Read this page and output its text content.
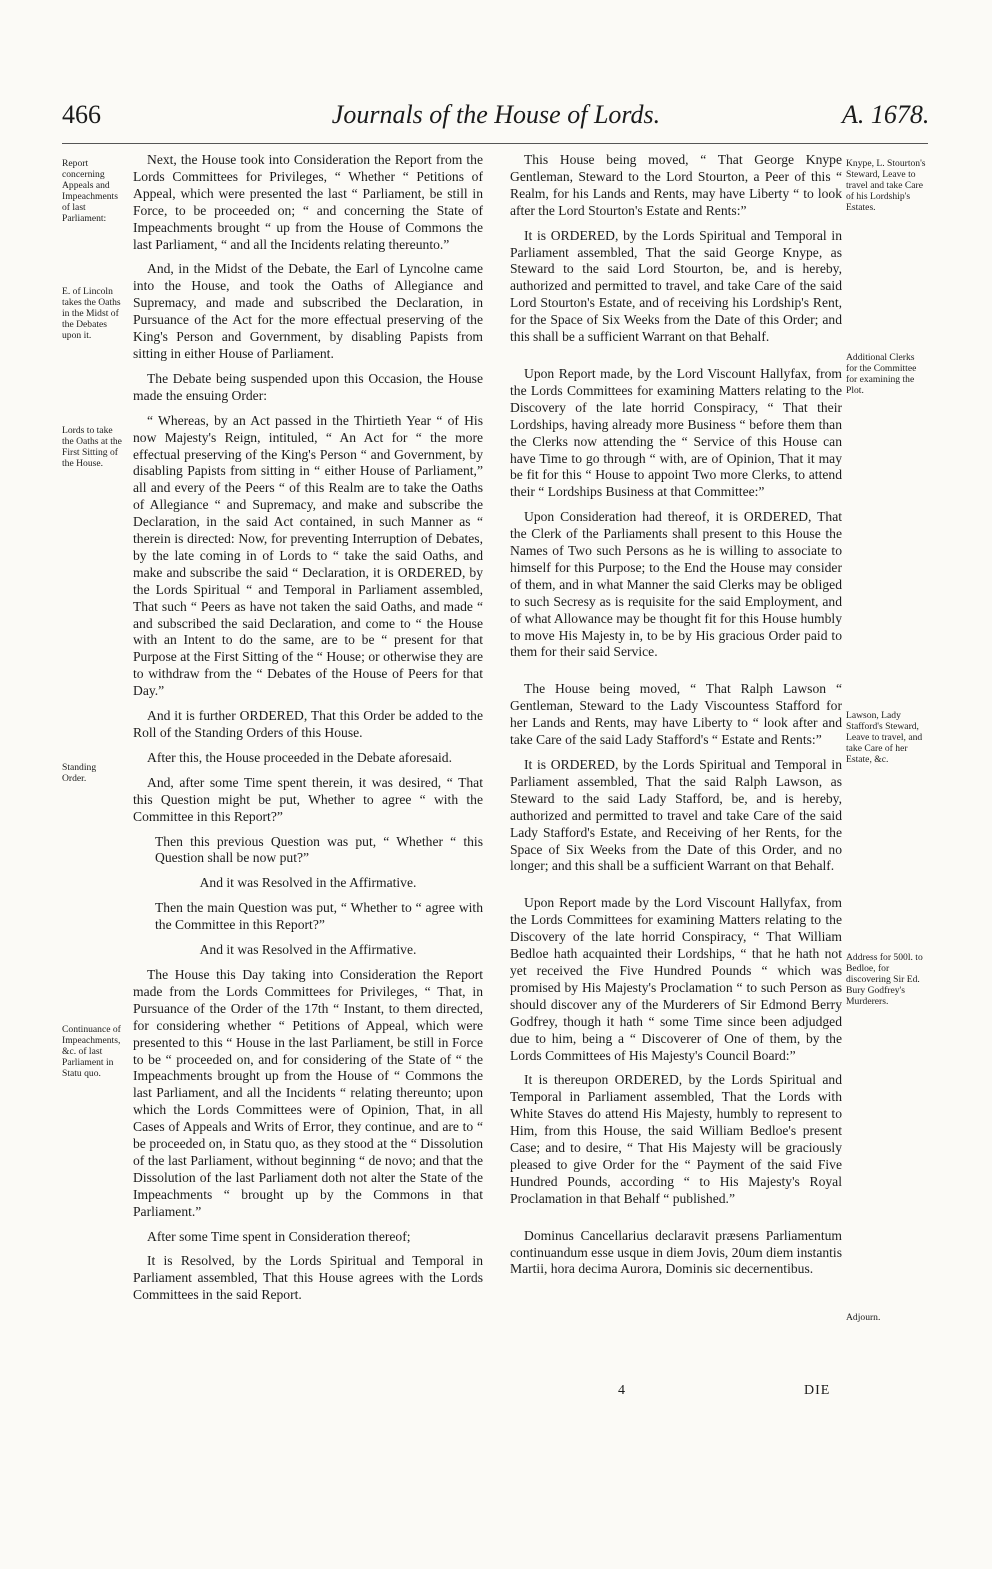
466	Journals of the House of Lords.	A. 1678.
Report concerning Appeals and Impeachments of last Parliament:
E. of Lincoln takes the Oaths in the Midst of the Debates upon it.
Lords to take the Oaths at the First Sitting of the House.
Standing Order.
Continuance of Impeachments, &c. of last Parliament in Statu quo.
Knype, L. Stourton's Steward, Leave to travel and take Care of his Lordship's Estates.
Additional Clerks for the Committee for examining the Plot.
Lawson, Lady Stafford's Steward, Leave to travel, and take Care of her Estate, &c.
Address for 500l. to Bedloe, for discovering Sir Ed. Bury Godfrey's Murderers.
Adjourn.

Next, the House took into Consideration the Report from the Lords Committees for Privileges, “ Whether “ Petitions of Appeal, which were presented the last “ Parliament, be still in Force, to be proceeded on; “ and concerning the State of Impeachments brought “ up from the House of Commons the last Parliament, “ and all the Incidents relating thereunto.”

And, in the Midst of the Debate, the Earl of Lyncolne came into the House, and took the Oaths of Allegiance and Supremacy, and made and subscribed the Declaration, in Pursuance of the Act for the more effectual preserving of the King's Person and Government, by disabling Papists from sitting in either House of Parliament.

The Debate being suspended upon this Occasion, the House made the ensuing Order:

“ Whereas, by an Act passed in the Thirtieth Year “ of His now Majesty's Reign, intituled, “ An Act for “ the more effectual preserving of the King's Person “ and Government, by disabling Papists from sitting in “ either House of Parliament,” all and every of the Peers “ of this Realm are to take the Oaths of Allegiance “ and Supremacy, and make and subscribe the Declaration, in the said Act contained, in such Manner as “ therein is directed: Now, for preventing Interruption of Debates, by the late coming in of Lords to “ take the said Oaths, and make and subscribe the said “ Declaration, it is ORDERED, by the Lords Spiritual “ and Temporal in Parliament assembled, That such “ Peers as have not taken the said Oaths, and made “ and subscribed the said Declaration, and come to “ the House with an Intent to do the same, are to be “ present for that Purpose at the First Sitting of the “ House; or otherwise they are to withdraw from the “ Debates of the House of Peers for that Day.”

And it is further ORDERED, That this Order be added to the Roll of the Standing Orders of this House.

After this, the House proceeded in the Debate aforesaid.

And, after some Time spent therein, it was desired, “ That this Question might be put, Whether to agree “ with the Committee in this Report?”

Then this previous Question was put, “ Whether “ this Question shall be now put?”

And it was Resolved in the Affirmative.

Then the main Question was put, “ Whether to “ agree with the Committee in this Report?”

And it was Resolved in the Affirmative.

The House this Day taking into Consideration the Report made from the Lords Committees for Privileges, “ That, in Pursuance of the Order of the 17th “ Instant, to them directed, for considering whether “ Petitions of Appeal, which were presented to this “ House in the last Parliament, be still in Force to be “ proceeded on, and for considering of the State of “ the Impeachments brought up from the House of “ Commons the last Parliament, and all the Incidents “ relating thereunto; upon which the Lords Committees were of Opinion, That, in all Cases of Appeals and Writs of Error, they continue, and are to “ be proceeded on, in Statu quo, as they stood at the “ Dissolution of the last Parliament, without beginning “ de novo; and that the Dissolution of the last Parliament doth not alter the State of the Impeachments “ brought up by the Commons in that Parliament.”

After some Time spent in Consideration thereof;

It is Resolved, by the Lords Spiritual and Temporal in Parliament assembled, That this House agrees with the Lords Committees in the said Report.

This House being moved, “ That George Knype Gentleman, Steward to the Lord Stourton, a Peer of this “ Realm, for his Lands and Rents, may have Liberty “ to look after the Lord Stourton's Estate and Rents:”

It is ORDERED, by the Lords Spiritual and Temporal in Parliament assembled, That the said George Knype, as Steward to the said Lord Stourton, be, and is hereby, authorized and permitted to travel, and take Care of the said Lord Stourton's Estate, and of receiving his Lordship's Rent, for the Space of Six Weeks from the Date of this Order; and this shall be a sufficient Warrant on that Behalf.

Upon Report made, by the Lord Viscount Hallyfax, from the Lords Committees for examining Matters relating to the Discovery of the late horrid Conspiracy, “ That their Lordships, having already more Business “ before them than the Clerks now attending the “ Service of this House can have Time to go through “ with, are of Opinion, That it may be fit for this “ House to appoint Two more Clerks, to attend their “ Lordships Business at that Committee:”

Upon Consideration had thereof, it is ORDERED, That the Clerk of the Parliaments shall present to this House the Names of Two such Persons as he is willing to associate to himself for this Purpose; to the End the House may consider of them, and in what Manner the said Clerks may be obliged to such Secresy as is requisite for the said Employment, and of what Allowance may be thought fit for this House humbly to move His Majesty in, to be by His gracious Order paid to them for their said Service.

The House being moved, “ That Ralph Lawson “ Gentleman, Steward to the Lady Viscountess Stafford for her Lands and Rents, may have Liberty to “ look after and take Care of the said Lady Stafford's “ Estate and Rents:”

It is ORDERED, by the Lords Spiritual and Temporal in Parliament assembled, That the said Ralph Lawson, as Steward to the said Lady Stafford, be, and is hereby, authorized and permitted to travel and take Care of the said Lady Stafford's Estate, and Receiving of her Rents, for the Space of Six Weeks from the Date of this Order, and no longer; and this shall be a sufficient Warrant on that Behalf.

Upon Report made by the Lord Viscount Hallyfax, from the Lords Committees for examining Matters relating to the Discovery of the late horrid Conspiracy, “ That William Bedloe hath acquainted their Lordships, “ that he hath not yet received the Five Hundred Pounds “ which was promised by His Majesty's Proclamation “ to such Person as should discover any of the Murderers of Sir Edmond Berry Godfrey, though it hath “ some Time since been adjudged due to him, being a “ Discoverer of One of them, by the Lords Committees of His Majesty's Council Board:”

It is thereupon ORDERED, by the Lords Spiritual and Temporal in Parliament assembled, That the Lords with White Staves do attend His Majesty, humbly to represent to Him, from this House, the said William Bedloe's present Case; and to desire, “ That His Majesty will be graciously pleased to give Order for the “ Payment of the said Five Hundred Pounds, according “ to His Majesty's Royal Proclamation in that Behalf “ published.”

Dominus Cancellarius declaravit præsens Parliamentum continuandum esse usque in diem Jovis, 20um diem instantis Martii, hora decima Aurora, Dominis sic decernentibus.

4	DIE
